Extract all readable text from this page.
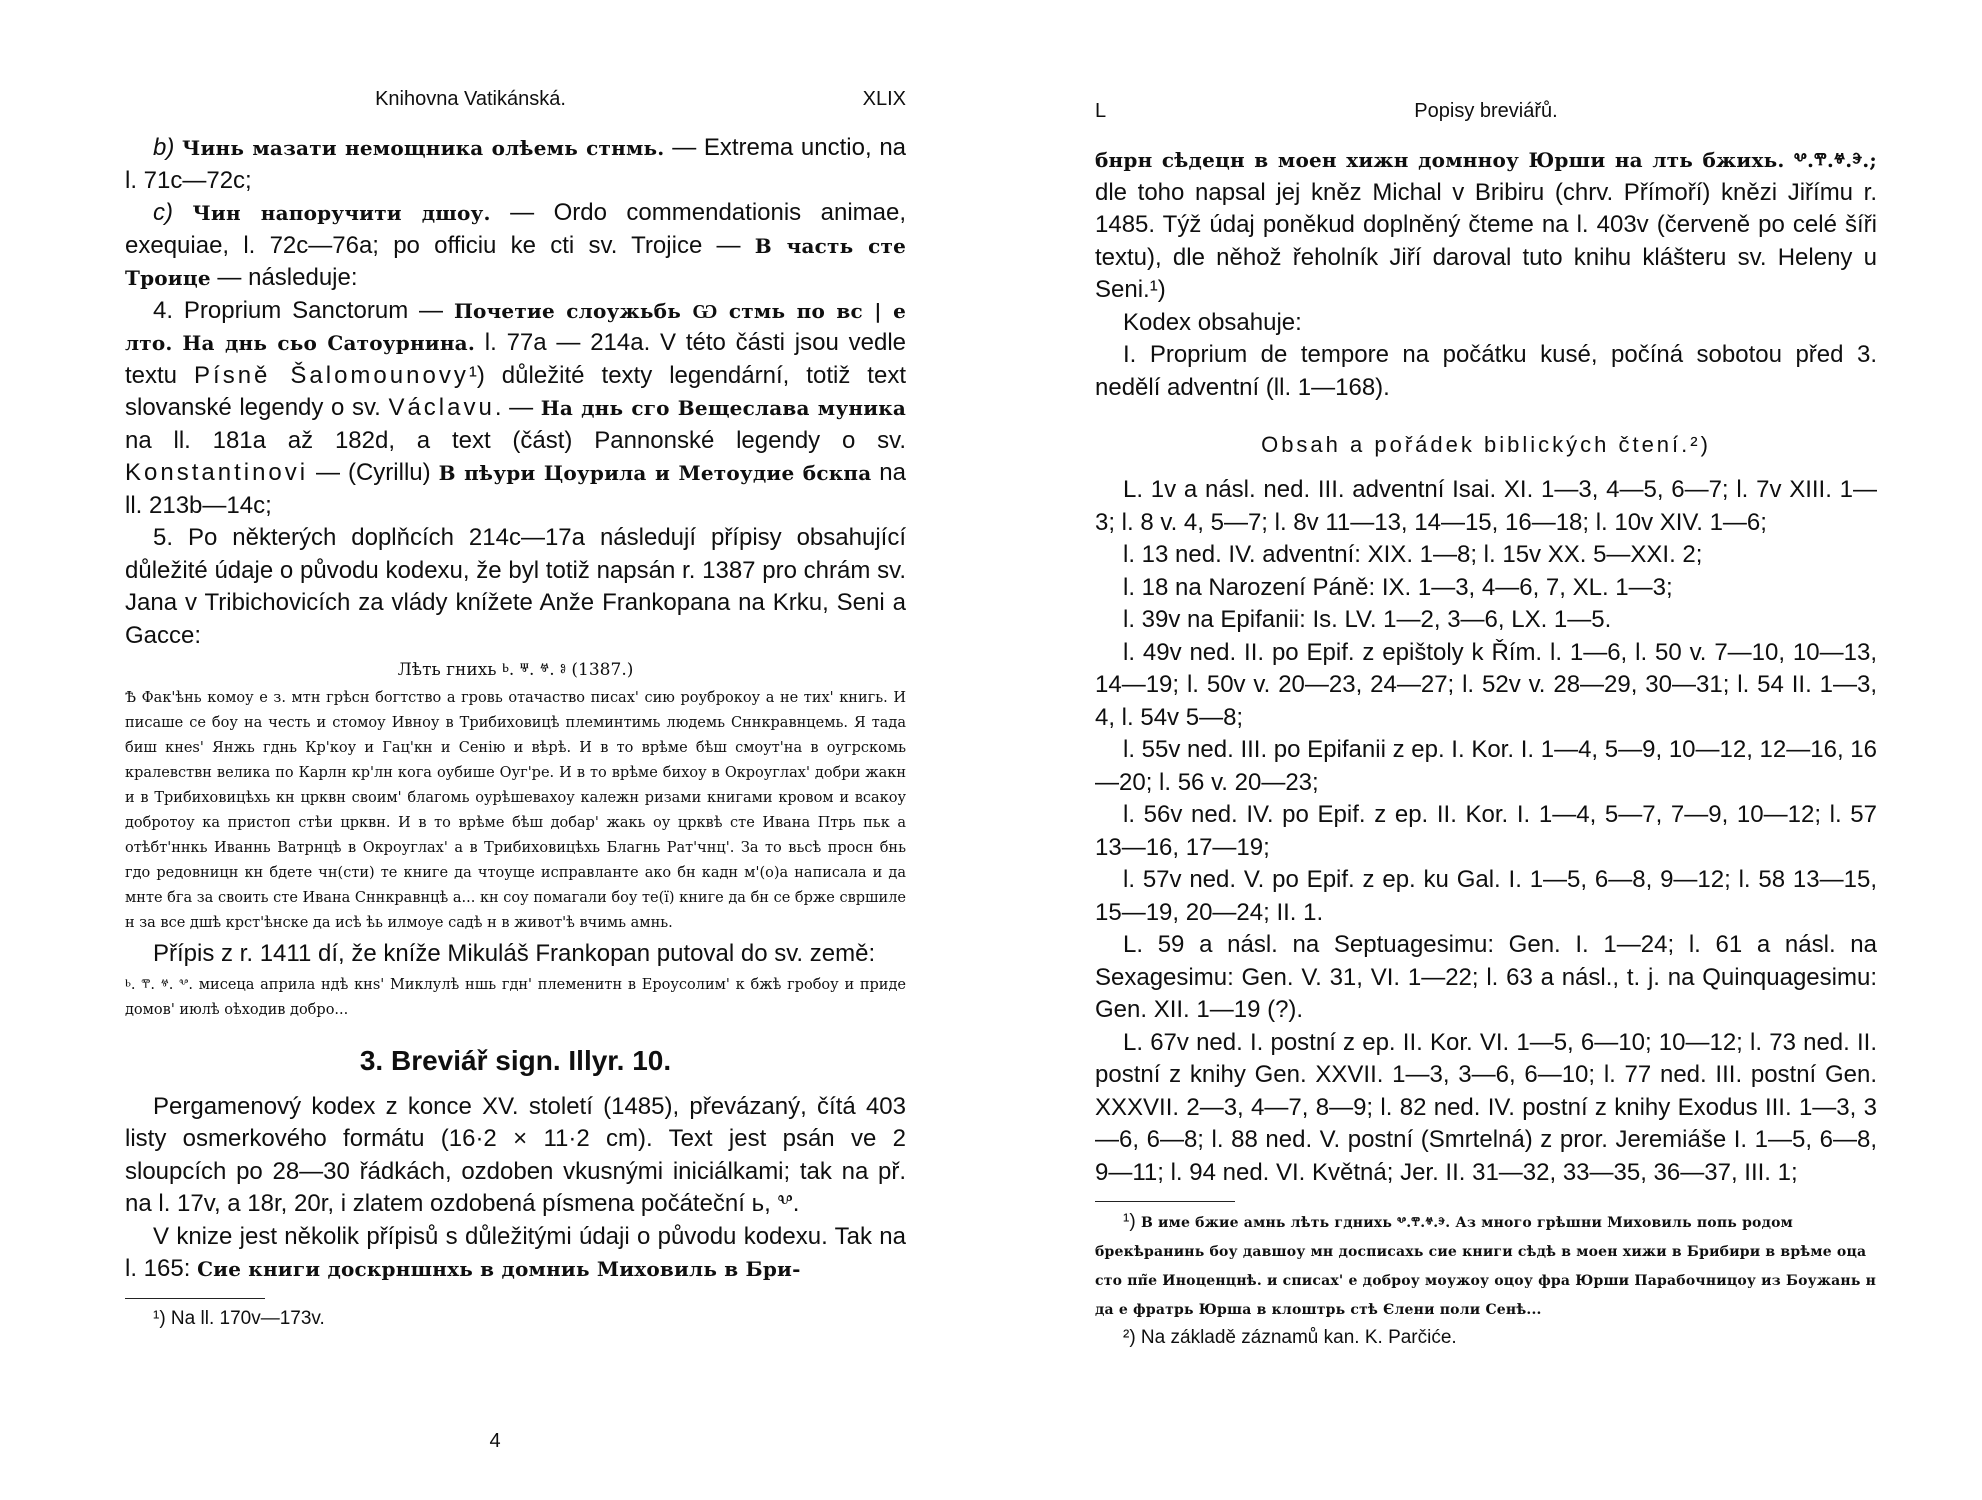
Knihovna Vatikánská.	XLIX

b) Чинь мазати немощника олѣемь стнмь. — Extrema unctio, na l. 71c—72c;

c) Чин напоручити дшоу. — Ordo commendationis animae, exequiae, l. 72c—76a; po officiu ke cti sv. Trojice — В часть сте Троице — následuje:

4. Proprium Sanctorum — Почетие слоужьбь Ѡ стмь по вс | е лто. На днь сьо Сатоурнина. l. 77a — 214a. V této části jsou vedle textu Písně Šalomounovy¹) důležité texty legendární, totiž text slovanské legendy o sv. Václavu. — На днь сго Вещеслава муника na ll. 181a až 182d, a text (část) Pannonské legendy o sv. Konstantinovi — (Cyrillu) В пѣури Цоурила и Метоудие бскпа na ll. 213b—14c;

5. Po některých doplňcích 214c—17a následují přípisy obsahující důležité údaje o původu kodexu, že byl totiž napsán r. 1387 pro chrám sv. Jana v Tribichovicích za vlády knížete Anže Frankopana na Krku, Seni a Gacce:

Лѣть гнихь ⱃ. ⱋ. ⱍ. ⱁ (1387.)
Ѣ Фак'ѣнь комоу е з. мтн грѣсн богтство а гровь отачаство писах' сию роуброкоу а не тих' книгь. И писаше се боу на честь и стомоу Ивноу в Трибиховицѣ племинтимь людемь Сннкравнцемь. Я тада биш кнеѕ' Янжь гднь Кр'коу и Гац'кн и Сенію и вѣрѣ. И в то врѣме бѣш смоут'на в оугрскомь кралевствн велика по Карлн кр'лн кога оубише Оуг'ре. И в то врѣме бихоу в Окроуглах' добри жакн и в Трибиховицѣхь кн црквн своим' благомь оурѣшевахоу калежн ризами книгами кровом и всакоу добротоу ка пристоп стѣи црквн. И в то врѣме бѣш добар' жакь оу црквѣ сте Ивана Птрь пьк а отѣбт'ннкь Иваннь Ватрнцѣ в Окроуглах' а в Трибиховицѣхь Благнь Рат'чнц'. За то вьсѣ просн бнь гдо редовницн кн бдете чн(сти) те книге да чтоуще исправланте ако бн кадн м'(о)а написала и да мнте бга за своить сте Ивана Сннкравнцѣ а... кн соу помагали боу те(ї) книге да бн се брже свршиле н за все дшѣ крст'ѣнске да исѣ ѣь илмоуе садѣ н в живот'ѣ вчимь амнь.

Přípis z r. 1411 dí, že kníže Mikuláš Frankopan putoval do sv. země:

ⱃ. ⰹ. ⱍ. ⰲ. мисеца априла ндѣ кнѕ' Миклулѣ ншь гдн' племенитн в Ероусолим' к бжѣ гробоу и приде домов' июлѣ оѣходив добро...
3. Breviář sign. Illyr. 10.

Pergamenový kodex z konce XV. století (1485), převázaný, čítá 403 listy osmerkového formátu (16·2 × 11·2 cm). Text jest psán ve 2 sloupcích po 28—30 řádkách, ozdoben vkusnými iniciálkami; tak na př. na l. 17v, a 18r, 20r, i zlatem ozdobená písmena počáteční ь, ⰲ.

V knize jest několik přípisů s důležitými údaji o původu kodexu. Tak na l. 165: Сие книги доскрншнхь в домниь Миховиль в Бри-

¹) Na ll. 170v—173v.
4
L	Popisy breviářů.

бнрн сѣдецн в моен хижн домнноу Юрши на лть бжихь. ⰲ.ⰹ.ⱍ.ⰵ.; dle toho napsal jej kněz Michal v Bribiru (chrv. Přímoří) knězi Jiřímu r. 1485. Týž údaj poněkud doplněný čteme na l. 403v (červeně po celé šíři textu), dle něhož řeholník Jiří daroval tuto knihu klášteru sv. Heleny u Seni.¹)

Kodex obsahuje:

I. Proprium de tempore na počátku kusé, počíná sobotou před 3. nedělí adventní (ll. 1—168).

Obsah a pořádek biblických čtení.²)

L. 1v a násl. ned. III. adventní Isai. XI. 1—3, 4—5, 6—7; l. 7v XIII. 1—3; l. 8 v. 4, 5—7; l. 8v 11—13, 14—15, 16—18; l. 10v XIV. 1—6;

l. 13 ned. IV. adventní: XIX. 1—8; l. 15v XX. 5—XXI. 2;

l. 18 na Narození Páně: IX. 1—3, 4—6, 7, XL. 1—3;

l. 39v na Epifanii: Is. LV. 1—2, 3—6, LX. 1—5.

l. 49v ned. II. po Epif. z epištoly k Řím. l. 1—6, l. 50 v. 7—10, 10—13, 14—19; l. 50v v. 20—23, 24—27; l. 52v v. 28—29, 30—31; l. 54 II. 1—3, 4, l. 54v 5—8;

l. 55v ned. III. po Epifanii z ep. I. Kor. I. 1—4, 5—9, 10—12, 12—16, 16—20; l. 56 v. 20—23;

l. 56v ned. IV. po Epif. z ep. II. Kor. I. 1—4, 5—7, 7—9, 10—12; l. 57 13—16, 17—19;

l. 57v ned. V. po Epif. z ep. ku Gal. I. 1—5, 6—8, 9—12; l. 58 13—15, 15—19, 20—24; II. 1.

L. 59 a násl. na Septuagesimu: Gen. I. 1—24; l. 61 a násl. na Sexagesimu: Gen. V. 31, VI. 1—22; l. 63 a násl., t. j. na Quinquagesimu: Gen. XII. 1—19 (?).

L. 67v ned. I. postní z ep. II. Kor. VI. 1—5, 6—10; 10—12; l. 73 ned. II. postní z knihy Gen. XXVII. 1—3, 3—6, 6—10; l. 77 ned. III. postní Gen. XXXVII. 2—3, 4—7, 8—9; l. 82 ned. IV. postní z knihy Exodus III. 1—3, 3—6, 6—8; l. 88 ned. V. postní (Smrtelná) z pror. Jeremiáše I. 1—5, 6—8, 9—11; l. 94 ned. VI. Květná; Jer. II. 31—32, 33—35, 36—37, III. 1;

¹) В име бжие амнь лѣть гднихь ⰲ.ⰹ.ⱍ.ⰵ. Аз много грѣшни Миховиль попь родом брекѣранинь боу давшоу мн досписахь сие книги сѣдѣ в моен хижи в Брибири в врѣме оца сто пп̃е Иноценцнѣ. и списах' е доброу моужоу оцоу фра Юрши Парабочницоу из Боужань н да е фратрь Юрша в клоштрь стѣ Єлени поли Сенѣ...
²) Na základě záznamů kan. K. Parčiće.
